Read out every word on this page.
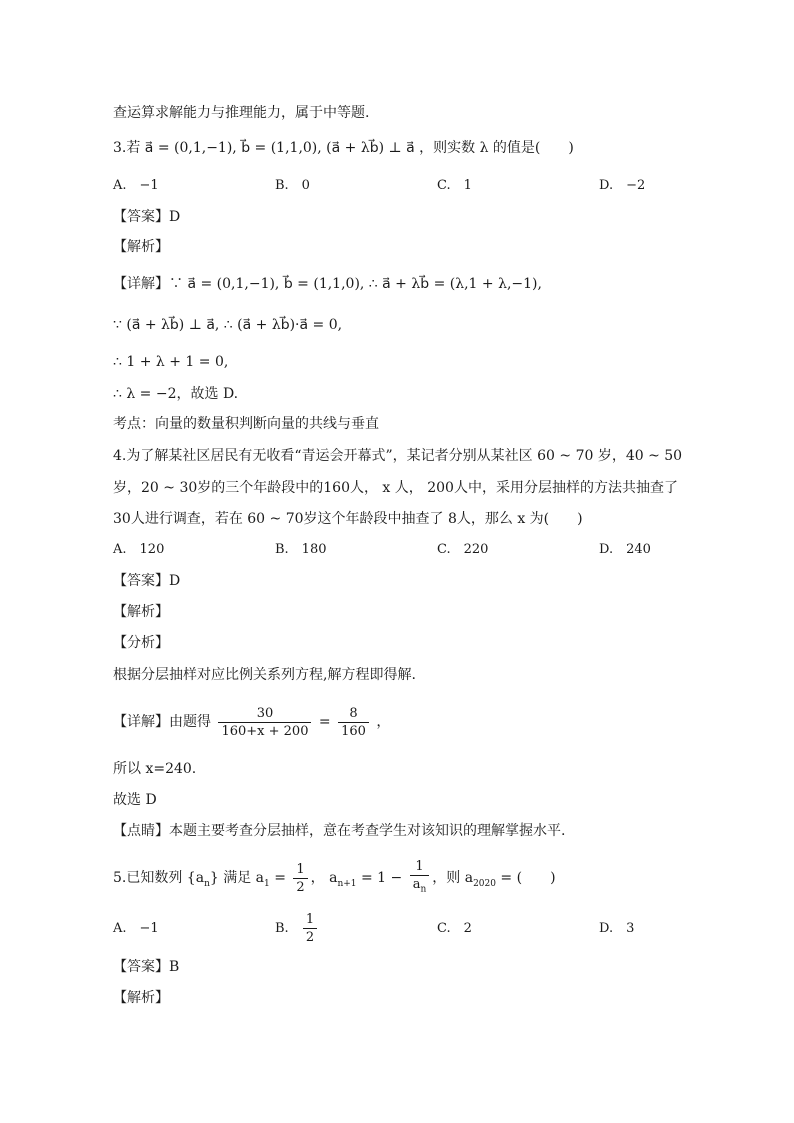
查运算求解能力与推理能力，属于中等题.
3.若 a⃗ = (0,1,−1), b⃗ = (1,1,0), (a⃗ + λb⃗) ⊥ a⃗ ，则实数 λ 的值是(　　)
A.　−1	B.　0	C.　1	D.　−2
【答案】D
【解析】
【详解】∵ a⃗ = (0,1,−1), b⃗ = (1,1,0), ∴ a⃗ + λb⃗ = (λ,1 + λ,−1),
∵ (a⃗ + λb⃗) ⊥ a⃗, ∴ (a⃗ + λb⃗)·a⃗ = 0,
∴ 1 + λ + 1 = 0,
∴ λ = −2，故选 D.
考点：向量的数量积判断向量的共线与垂直
4.为了解某社区居民有无收看“青运会开幕式”，某记者分别从某社区 60 ~ 70 岁，40 ~ 50
岁，20 ~ 30岁的三个年龄段中的160人， x 人， 200人中，采用分层抽样的方法共抽查了
30人进行调查，若在 60 ~ 70岁这个年龄段中抽查了 8人，那么 x 为(　　)
A.　120	B.　180	C.　220	D.　240
【答案】D
【解析】
【分析】
根据分层抽样对应比例关系列方程,解方程即得解.
【详解】由题得 $\frac{30}{160+x + 200} = \frac{8}{160}$ ，
所以 x=240.
故选 D
【点睛】本题主要考查分层抽样，意在考查学生对该知识的理解掌握水平.
5.已知数列 $\{a_n\}$ 满足 $a_1 = \frac{1}{2}$ ， $a_{n+1} = 1 - \frac{1}{a_n}$ ，则 $a_{2020}$ = (　　)
A.　−1	B. $\frac{1}{2}$	C.　2	D.　3
【答案】B
【解析】
